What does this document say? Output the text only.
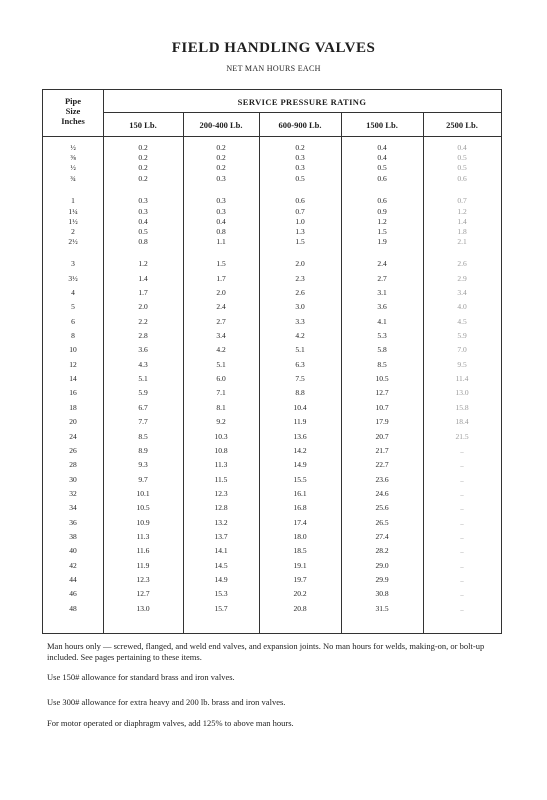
FIELD HANDLING VALVES
NET MAN HOURS EACH
Pipe
Size
Inches
SERVICE PRESSURE RATING
150 Lb.	200-400 Lb.	600-900 Lb.	1500 Lb.	2500 Lb.
½	0.2	0.2	0.2	0.4	0.4
⅜	0.2	0.2	0.3	0.4	0.5
½	0.2	0.2	0.3	0.5	0.5
¾	0.2	0.3	0.5	0.6	0.6
1	0.3	0.3	0.6	0.6	0.7
1¼	0.3	0.3	0.7	0.9	1.2
1½	0.4	0.4	1.0	1.2	1.4
2	0.5	0.8	1.3	1.5	1.8
2½	0.8	1.1	1.5	1.9	2.1
3	1.2	1.5	2.0	2.4	2.6
3½	1.4	1.7	2.3	2.7	2.9
4	1.7	2.0	2.6	3.1	3.4
5	2.0	2.4	3.0	3.6	4.0
6	2.2	2.7	3.3	4.1	4.5
8	2.8	3.4	4.2	5.3	5.9
10	3.6	4.2	5.1	5.8	7.0
12	4.3	5.1	6.3	8.5	9.5
14	5.1	6.0	7.5	10.5	11.4
16	5.9	7.1	8.8	12.7	13.0
18	6.7	8.1	10.4	10.7	15.8
20	7.7	9.2	11.9	17.9	18.4
24	8.5	10.3	13.6	20.7	21.5
26	8.9	10.8	14.2	21.7	..
28	9.3	11.3	14.9	22.7	..
30	9.7	11.5	15.5	23.6	..
32	10.1	12.3	16.1	24.6	..
34	10.5	12.8	16.8	25.6	..
36	10.9	13.2	17.4	26.5	..
38	11.3	13.7	18.0	27.4	..
40	11.6	14.1	18.5	28.2	..
42	11.9	14.5	19.1	29.0	..
44	12.3	14.9	19.7	29.9	..
46	12.7	15.3	20.2	30.8	..
48	13.0	15.7	20.8	31.5	..
Man hours only — screwed, flanged, and weld end valves, and expansion joints. No man hours for welds, making-on, or bolt-up included. See pages pertaining to these items.
Use 150# allowance for standard brass and iron valves.
Use 300# allowance for extra heavy and 200 lb. brass and iron valves.
For motor operated or diaphragm valves, add 125% to above man hours.
